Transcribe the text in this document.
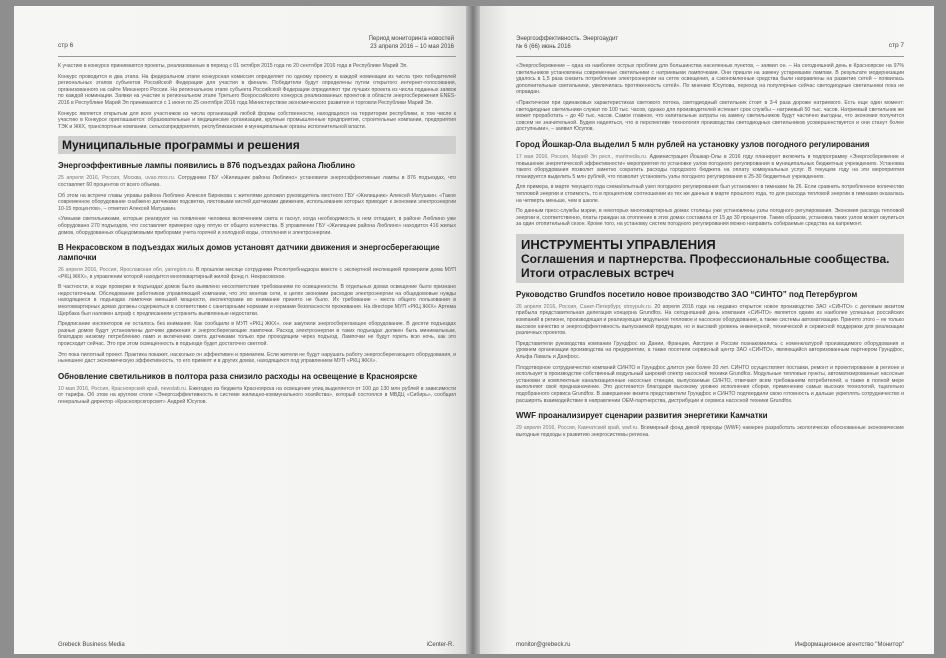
стр 6
Период мониторинга новостей
23 апреля 2016 – 10 мая 2016

К участию в конкурсе принимаются проекты, реализованные в период с 01 октября 2015 года по 20 сентября 2016 года в Республике Марий Эл.

Конкурс проводится в два этапа. На федеральном этапе конкурсная комиссия определяет по одному проекту в каждой номинации из числа трех победителей региональных этапов субъектов Российской Федерации для участия в финале. Победители будут определены путем открытого интернет-голосования, организованного на сайте Минэнерго России. На региональном этапе субъекта Российской Федерации определяют три лучших проекта из числа поданных заявок по каждой номинации. Заявки на участие в региональном этапе Третьего Всероссийского конкурса реализованных проектов в области энергосбережения ENES-2016 в Республике Марий Эл принимаются с 1 июня по 25 сентября 2016 года Министерством экономического развития и торговли Республики Марий Эл.

Конкурс является открытым для всех участников из числа организаций любой формы собственности, находящихся на территории республики, в том числе к участию в Конкурсе приглашаются: образовательные и медицинские организации, крупные промышленные предприятия, строительные компании, предприятия ТЭК и ЖКХ, транспортные компании, сельхозпредприятия, республиканские и муниципальные органы исполнительной власти.

Муниципальные программы и решения
Энергоэффективные лампы появились в 876 подъездах района Люблино

25 апреля 2016, Россия, Москва, uvao.mos.ru. Сотрудники ГБУ «Жилищник района Люблино» установили энергоэффективные лампы в 876 подъездах, что составляет 60 процентов от всего объема.

Об этом на встрече главы управы района Люблино Алексея Бирюкова с жителями доложил руководитель местного ГБУ «Жилищник» Алексей Матушкин. «Такое современное оборудование снабжено датчиками подсветки, листовыми кистей датчиками движения, использование которых приводит к экономии электроэнергии 10-15 процентов», – отметил Алексей Матушкин.

«Умными светильниками, которые реагируют на появление человека включением света и гаснут, когда необходимость в нем отпадает, в районе Люблино уже оборудовано 270 подъездов, что составляет примерно одну пятую от общего количества. В управлении ГБУ «Жилищник района Люблино» находится 416 жилых домов, оборудованных общедомовыми приборами учета горячей и холодной воды, отопления и электроэнергии.

В Некрасовском в подъездах жилых домов установят датчики движения и энергосберегающие лампочки

26 апреля 2016, Россия, Ярославская обл, yarregion.ru. В прошлом месяце сотрудники Роспотребнадзора вместе с экспертной инспекцией проверили дома МУП «РКЦ ЖКХ», в управлении которой находится многоквартирный жилой фонд п. Некрасовское.

В частности, в ходе проверки в подъездах домов было выявлено несоответствие требованиям по освещенности. В отдельных домах освещение было признано недостаточным. Обследование работников управляющей компании, что это монтаж сети, в целях экономии расходов электроэнергии на общедомовые нужды находящиеся в подъездах лампочки меньшей мощности, инспекторами во внимание принято не было. Их требование – места общего пользования в многоквартирных домах должны содержаться в соответствии с санитарными нормами и нормами безопасности проживания. На directoрe МУП «РКЦ ЖКХ» Артема Щербака был наложен штраф с предписанием устранить выявленные недостатки.

Предписание инспекторов не осталось без внимания. Как сообщили в МУП «РКЦ ЖКХ», они закупили энергосберегающее оборудование. В десяти подъездах разных домов будут установлены датчики движения и энергосберегающие лампочки. Расход электроэнергии в таких подъездах должен быть минимальным, благодаря низкому потреблению ламп и включению света датчиками только при проходящем через подъезд. Лампочки не будут гореть всю ночь, как это происходит сейчас. Это при этом освещенность в подъезде будет достаточно светлой.

Это пока пилотный проект. Практика покажет, насколько он эффективен и приемлем. Если жители не будут нарушать работу энергосберегающего оборудования, и нынешнее даст экономическую эффективность, то его примеят и в других домах, находящихся под управлением МУП «РКЦ ЖКХ».

Обновление светильников в полтора раза снизило расходы на освещение в Красноярске

10 мая 2016, Россия, Красноярский край, newslab.ru. Ежегодно из бюджета Красноярска на освещение улиц выделяется от 100 до 130 млн рублей в зависимости от тарифа. Об этом на круглом столе «Энергоэффективность в системе жилищно-коммунального хозяйства», который состоялся в МВДЦ «Сибирь», сообщил генеральный директор «Красноярскгорсвет» Андрей Юсупов.

Grebeck Business Media	iCenter-R.
Энергоэффективность. Энергоаудит
№ 6 (66) июнь 2016	стр 7

«Энергосбережение – одна из наиболее острых проблем для большинства населенных пунктов, – заявил он. – На сегодняшний день в Красноярске на 97% светильников установлены современные светильники с натриевыми лампочками. Они пришли на замену устаревшим лампам. В результате модернизации удалось в 1,5 раза снизить потребление электроэнергии на сетях освещения, а сэкономленные средства были направлены на развитие сетей – появилась дополнительные светильники, увеличилась протяженность сетей». По мнению Юсупова, переход на популярные сейчас светодиодные светильники пока не оправдан.

«Практически при одинаковых характеристиках светового потока, светодиодный светильник стоит в 3-4 раза дороже натриевого. Есть еще один момент: светодиодные светильники служат по 100 тыс. часов, однако для производителей истекает срок службы – натриевый 50 тыс. часов. Натриевый светильник же может проработать – до 40 тыс. часов. Самое главное, что капитальные затраты на замену светильников будут частично выгодны, что экономия получится совсем не значительной. Будем надеяться, что в перспективе технология производства светодиодных светильников усовершенствуется и они станут более доступными», – заявил Юсупов.

Город Йошкар-Ола выделил 5 млн рублей на установку узлов погодного регулирования

17 мая 2016, Россия, Марий Эл респ., marimedia.ru. Администрация Йошкар-Олы в 2016 году планирует включить в подпрограмму «Энергосбережение и повышение энергетической эффективности» мероприятия по установке узлов погодного регулирования в муниципальных бюджетных учреждениях. Установка такого оборудования позволит заметно сократить расходы городского бюджета на оплату коммунальных услуг. В текущем году на эти мероприятия планируется выделить 5 млн рублей, что позволит установить узлы погодного регулирования в 25-30 бюджетных учреждениях.

Для примера, в марте текущего года схема/опытный узел погодного регулирования был установлен в гимназии № 26. Если сравнить потребленное количество тепловой энергии и стоимость, то в процентном соотношении из тех же данных в марте прошлого года, то для расхода тепловой энергии в гимназии оказалась на четверть меньше, чем в школе.

По данным пресс-службы мэрии, в некоторых многоквартирных домах столицы уже установлены узлы погодного регулирования. Экономия расхода тепловой энергии и, соответственно, платы граждан за отопление в этих домах составила от 15 до 30 процентов. Таким образом, установка таких узлов может окупиться за один отопительный сезон. Кроме того, на установку систем погодного регулирования можно направить собираемые средства на капремонт.

ИНСТРУМЕНТЫ УПРАВЛЕНИЯ
Соглашения и партнерства. Профессиональные сообщества. Итоги отраслевых встреч
Руководство Grundfos посетило новое производство ЗАО “СИНТО” под Петербургом

26 апреля 2016, Россия, Санкт-Петербург, stroypuls.ru. 20 апреля 2016 года на недавно открытое новое производство ЗАО «СИНТО» с деловым визитом прибыла представительная делегация концерна Grundfos. На сегодняшний день компания «СИНТО» является одним из наиболее успешных российских компаний в регионе, производящая и реализующая модульное тепловое и насосное оборудование, а также системы автоматизации. Принято этого – не только высокое качество и энергоэффективность выпускаемой продукции, но и высокий уровень инженерной, технической и сервисной поддержки для реализации различных проектов.

Представители руководства компании Грундфос из Дании, Франции, Австрии и России познакомились с номенклатурой производимого оборудования и уровнем организации производства на предприятии, а также посетили сервисный центр ЗАО «СИНТО», являющийся авторизованным партнером Грундфос, Альфа Лаваль и Данфосс.

Плодотворное сотрудничество компаний СИНТО и Грундфос длится уже более 20 лет. СИНТО осуществляет поставки, ремонт и проектирование в регионе и использует в производстве собственный модульный широкий спектр насосной техники Grundfos. Модульные тепловые пункты, автоматизированные насосные установки и комплектные канализационные насосные станции, выпускаемые СИНТО, отвечают всем требованиям потребителей, а также в полной мере выполняют своё предназначение. Это достигается благодаря высокому уровню исполнения сборки, применению самых высоких технологий, тщательно подобранного сервиса Grundfos. В завершение визита представители Грундфос и СИНТО подтвердили свою готовность и дальше укреплять сотрудничество и расширять взаимодействие в направлении ОЕМ-партнерства, дистрибуции и сервиса насосной техники Grundfos.

WWF проанализирует сценарии развития энергетики Камчатки

29 апреля 2016, Россия, Камчатский край, wwf.ru. Всемирный фонд дикой природы (WWF) намерен разработать экологически обоснованные экономические выгодные подходы к развитию энергосистемы региона.

monitor@grebeck.ru	Информационное агентство "Монитор"
